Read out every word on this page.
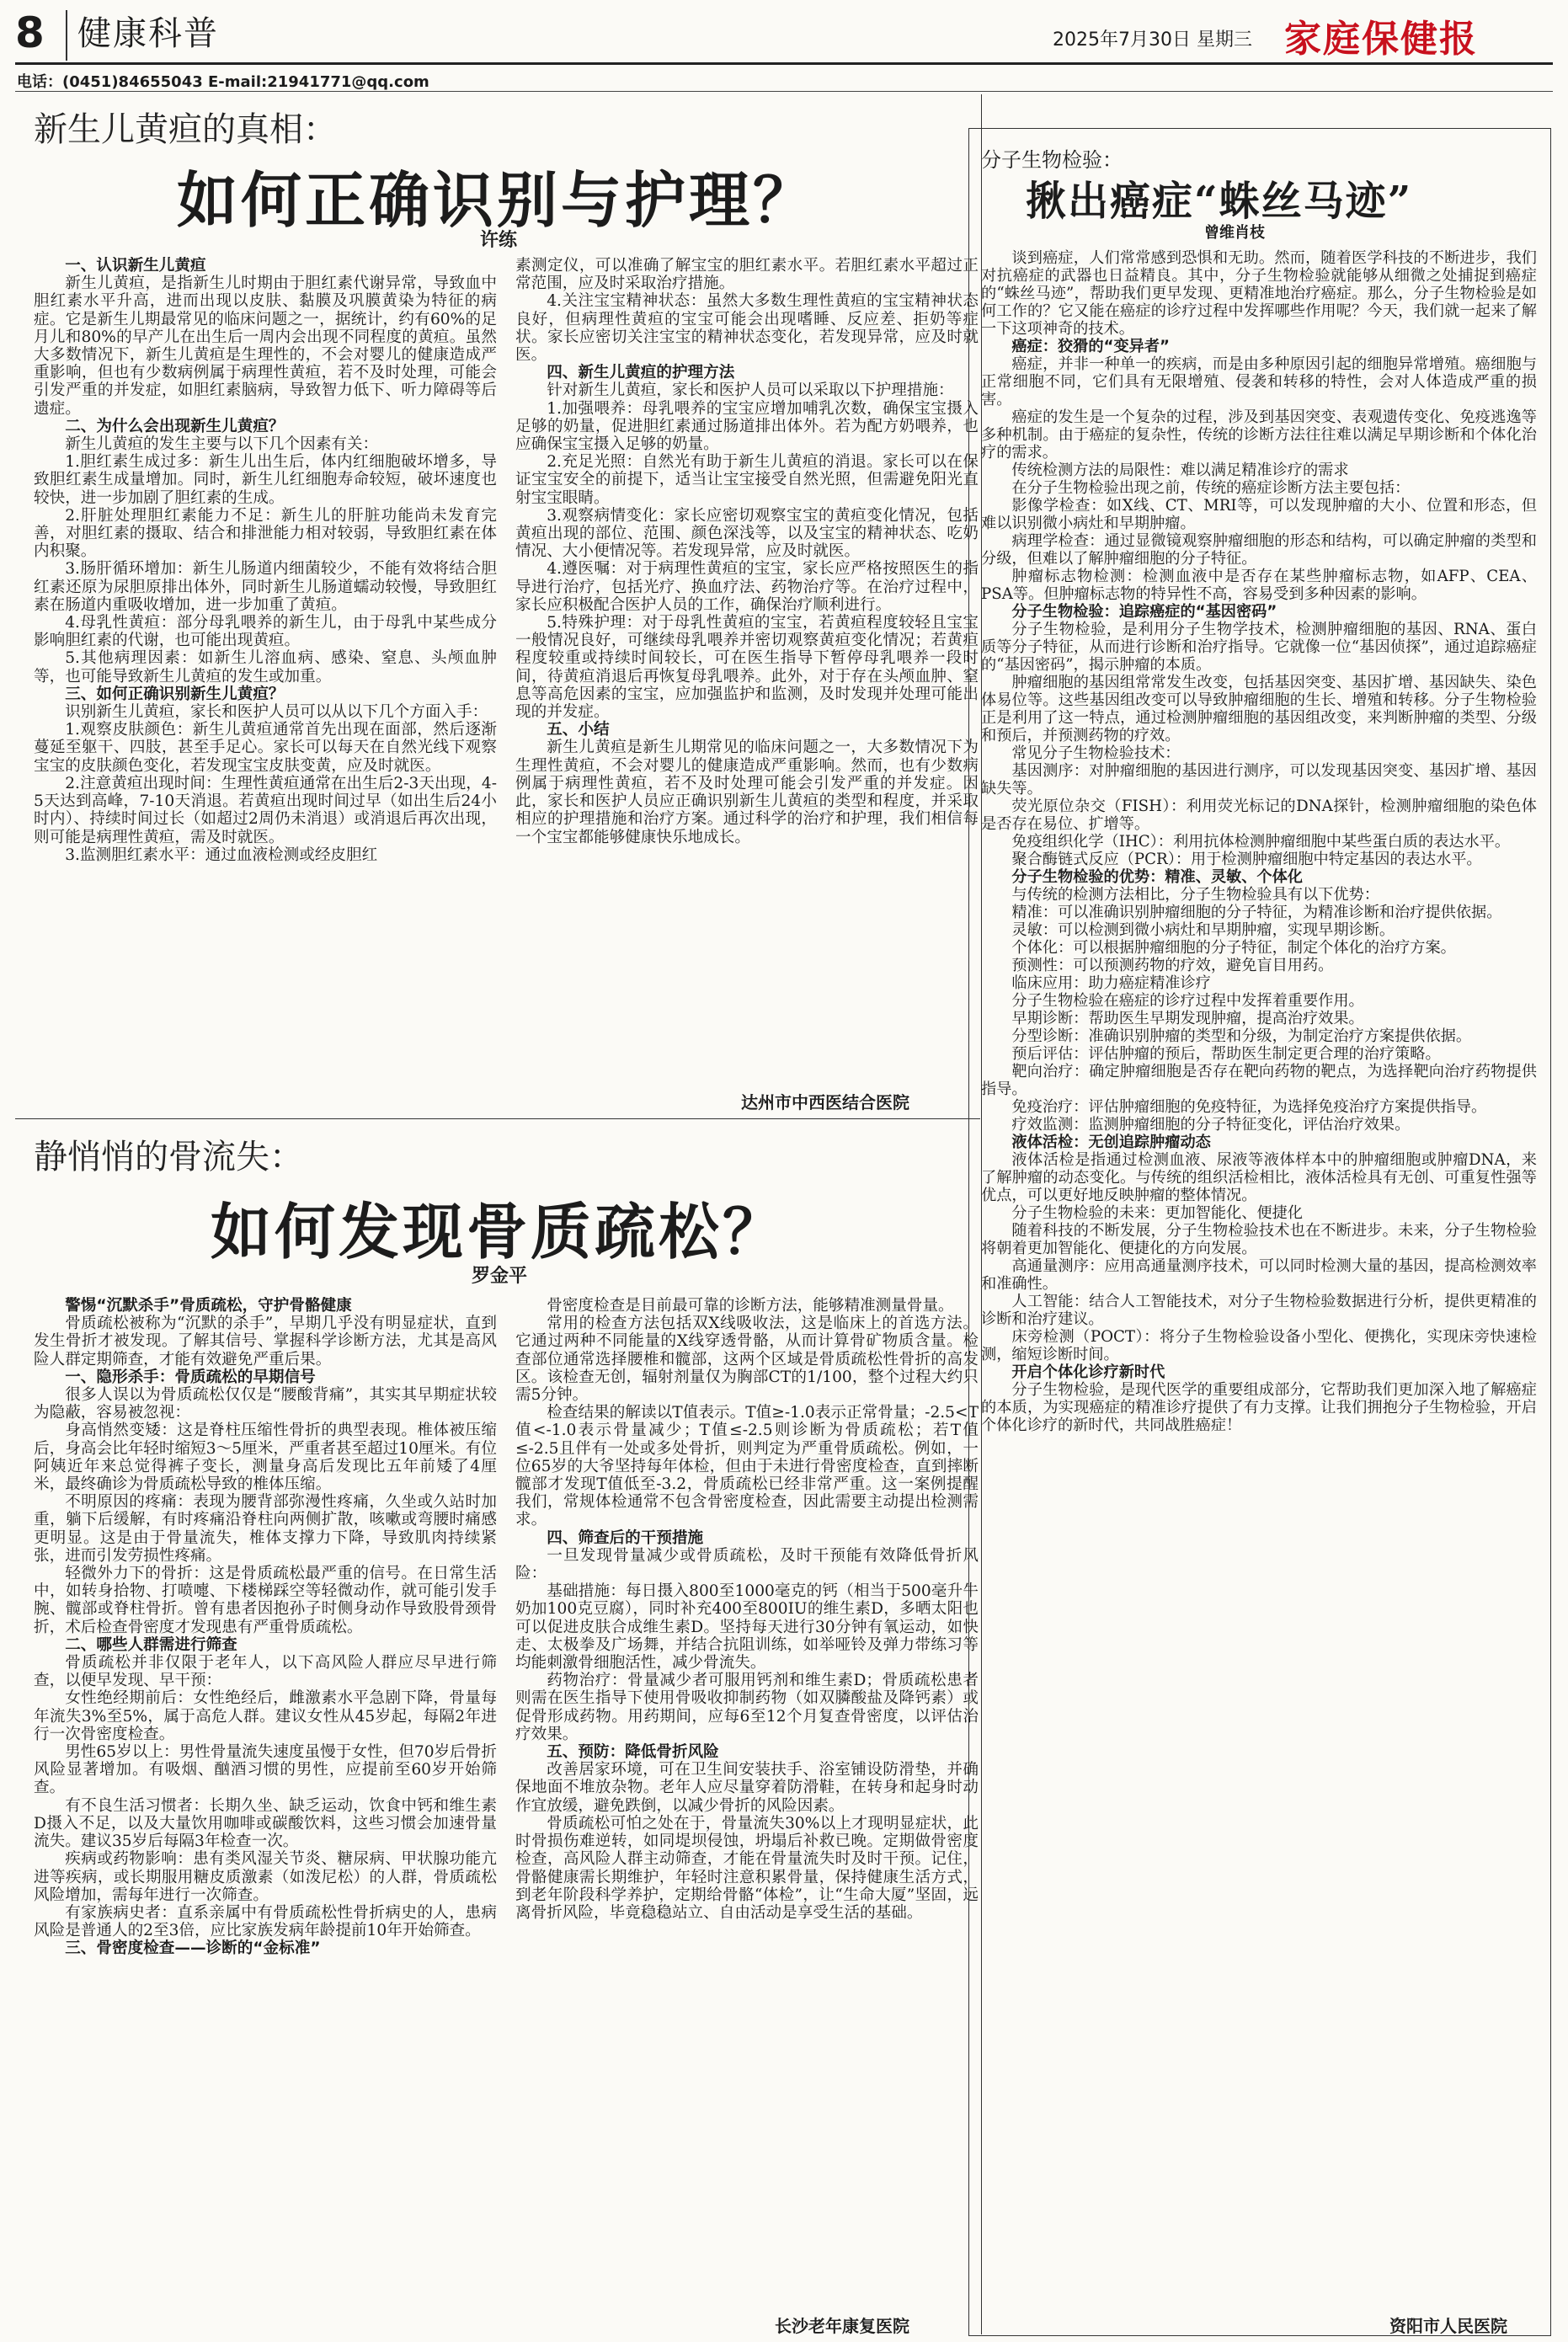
8 健康科普	2025年7月30日 星期三 家庭保健报
电话：(0451)84655043 E-mail:21941771@qq.com
新生儿黄疸的真相：
如何正确识别与护理？
许练

一、认识新生儿黄疸

新生儿黄疸，是指新生儿时期由于胆红素代谢异常，导致血中胆红素水平升高，进而出现以皮肤、黏膜及巩膜黄染为特征的病症。它是新生儿期最常见的临床问题之一，据统计，约有60%的足月儿和80%的早产儿在出生后一周内会出现不同程度的黄疸。虽然大多数情况下，新生儿黄疸是生理性的，不会对婴儿的健康造成严重影响，但也有少数病例属于病理性黄疸，若不及时处理，可能会引发严重的并发症，如胆红素脑病，导致智力低下、听力障碍等后遗症。

二、为什么会出现新生儿黄疸？

新生儿黄疸的发生主要与以下几个因素有关：

1.胆红素生成过多：新生儿出生后，体内红细胞破坏增多，导致胆红素生成量增加。同时，新生儿红细胞寿命较短，破坏速度也较快，进一步加剧了胆红素的生成。

2.肝脏处理胆红素能力不足：新生儿的肝脏功能尚未发育完善，对胆红素的摄取、结合和排泄能力相对较弱，导致胆红素在体内积聚。

3.肠肝循环增加：新生儿肠道内细菌较少，不能有效将结合胆红素还原为尿胆原排出体外，同时新生儿肠道蠕动较慢，导致胆红素在肠道内重吸收增加，进一步加重了黄疸。

4.母乳性黄疸：部分母乳喂养的新生儿，由于母乳中某些成分影响胆红素的代谢，也可能出现黄疸。

5.其他病理因素：如新生儿溶血病、感染、窒息、头颅血肿等，也可能导致新生儿黄疸的发生或加重。

三、如何正确识别新生儿黄疸？

识别新生儿黄疸，家长和医护人员可以从以下几个方面入手：

1.观察皮肤颜色：新生儿黄疸通常首先出现在面部，然后逐渐蔓延至躯干、四肢，甚至手足心。家长可以每天在自然光线下观察宝宝的皮肤颜色变化，若发现宝宝皮肤变黄，应及时就医。

2.注意黄疸出现时间：生理性黄疸通常在出生后2-3天出现，4-5天达到高峰，7-10天消退。若黄疸出现时间过早（如出生后24小时内）、持续时间过长（如超过2周仍未消退）或消退后再次出现，则可能是病理性黄疸，需及时就医。

3.监测胆红素水平：通过血液检测或经皮胆红

素测定仪，可以准确了解宝宝的胆红素水平。若胆红素水平超过正常范围，应及时采取治疗措施。

4.关注宝宝精神状态：虽然大多数生理性黄疸的宝宝精神状态良好，但病理性黄疸的宝宝可能会出现嗜睡、反应差、拒奶等症状。家长应密切关注宝宝的精神状态变化，若发现异常，应及时就医。

四、新生儿黄疸的护理方法

针对新生儿黄疸，家长和医护人员可以采取以下护理措施：

1.加强喂养：母乳喂养的宝宝应增加哺乳次数，确保宝宝摄入足够的奶量，促进胆红素通过肠道排出体外。若为配方奶喂养，也应确保宝宝摄入足够的奶量。

2.充足光照：自然光有助于新生儿黄疸的消退。家长可以在保证宝宝安全的前提下，适当让宝宝接受自然光照，但需避免阳光直射宝宝眼睛。

3.观察病情变化：家长应密切观察宝宝的黄疸变化情况，包括黄疸出现的部位、范围、颜色深浅等，以及宝宝的精神状态、吃奶情况、大小便情况等。若发现异常，应及时就医。

4.遵医嘱：对于病理性黄疸的宝宝，家长应严格按照医生的指导进行治疗，包括光疗、换血疗法、药物治疗等。在治疗过程中，家长应积极配合医护人员的工作，确保治疗顺利进行。

5.特殊护理：对于母乳性黄疸的宝宝，若黄疸程度较轻且宝宝一般情况良好，可继续母乳喂养并密切观察黄疸变化情况；若黄疸程度较重或持续时间较长，可在医生指导下暂停母乳喂养一段时间，待黄疸消退后再恢复母乳喂养。此外，对于存在头颅血肿、窒息等高危因素的宝宝，应加强监护和监测，及时发现并处理可能出现的并发症。

五、小结

新生儿黄疸是新生儿期常见的临床问题之一，大多数情况下为生理性黄疸，不会对婴儿的健康造成严重影响。然而，也有少数病例属于病理性黄疸，若不及时处理可能会引发严重的并发症。因此，家长和医护人员应正确识别新生儿黄疸的类型和程度，并采取相应的护理措施和治疗方案。通过科学的治疗和护理，我们相信每一个宝宝都能够健康快乐地成长。

达州市中西医结合医院
静悄悄的骨流失：
如何发现骨质疏松？
罗金平

警惕“沉默杀手”骨质疏松，守护骨骼健康

骨质疏松被称为“沉默的杀手”，早期几乎没有明显症状，直到发生骨折才被发现。了解其信号、掌握科学诊断方法，尤其是高风险人群定期筛查，才能有效避免严重后果。

一、隐形杀手：骨质疏松的早期信号

很多人误以为骨质疏松仅仅是“腰酸背痛”，其实其早期症状较为隐蔽，容易被忽视：

身高悄然变矮：这是脊柱压缩性骨折的典型表现。椎体被压缩后，身高会比年轻时缩短3～5厘米，严重者甚至超过10厘米。有位阿姨近年来总觉得裤子变长，测量身高后发现比五年前矮了4厘米，最终确诊为骨质疏松导致的椎体压缩。

不明原因的疼痛：表现为腰背部弥漫性疼痛，久坐或久站时加重，躺下后缓解，有时疼痛沿脊柱向两侧扩散，咳嗽或弯腰时痛感更明显。这是由于骨量流失，椎体支撑力下降，导致肌肉持续紧张，进而引发劳损性疼痛。

轻微外力下的骨折：这是骨质疏松最严重的信号。在日常生活中，如转身拾物、打喷嚏、下楼梯踩空等轻微动作，就可能引发手腕、髋部或脊柱骨折。曾有患者因抱孙子时侧身动作导致股骨颈骨折，术后检查骨密度才发现患有严重骨质疏松。

二、哪些人群需进行筛查

骨质疏松并非仅限于老年人，以下高风险人群应尽早进行筛查，以便早发现、早干预：

女性绝经期前后：女性绝经后，雌激素水平急剧下降，骨量每年流失3%至5%，属于高危人群。建议女性从45岁起，每隔2年进行一次骨密度检查。

男性65岁以上：男性骨量流失速度虽慢于女性，但70岁后骨折风险显著增加。有吸烟、酗酒习惯的男性，应提前至60岁开始筛查。

有不良生活习惯者：长期久坐、缺乏运动，饮食中钙和维生素D摄入不足，以及大量饮用咖啡或碳酸饮料，这些习惯会加速骨量流失。建议35岁后每隔3年检查一次。

疾病或药物影响：患有类风湿关节炎、糖尿病、甲状腺功能亢进等疾病，或长期服用糖皮质激素（如泼尼松）的人群，骨质疏松风险增加，需每年进行一次筛查。

有家族病史者：直系亲属中有骨质疏松性骨折病史的人，患病风险是普通人的2至3倍，应比家族发病年龄提前10年开始筛查。

三、骨密度检查——诊断的“金标准”

骨密度检查是目前最可靠的诊断方法，能够精准测量骨量。

常用的检查方法包括双X线吸收法，这是临床上的首选方法。它通过两种不同能量的X线穿透骨骼，从而计算骨矿物质含量。检查部位通常选择腰椎和髋部，这两个区域是骨质疏松性骨折的高发区。该检查无创，辐射剂量仅为胸部CT的1/100，整个过程大约只需5分钟。

检查结果的解读以T值表示。T值≥-1.0表示正常骨量；-2.5<T值<-1.0表示骨量减少；T值≤-2.5则诊断为骨质疏松；若T值≤-2.5且伴有一处或多处骨折，则判定为严重骨质疏松。例如，一位65岁的大爷坚持每年体检，但由于未进行骨密度检查，直到摔断髋部才发现T值低至-3.2，骨质疏松已经非常严重。这一案例提醒我们，常规体检通常不包含骨密度检查，因此需要主动提出检测需求。

四、筛查后的干预措施

一旦发现骨量减少或骨质疏松，及时干预能有效降低骨折风险：

基础措施：每日摄入800至1000毫克的钙（相当于500毫升牛奶加100克豆腐），同时补充400至800IU的维生素D，多晒太阳也可以促进皮肤合成维生素D。坚持每天进行30分钟有氧运动，如快走、太极拳及广场舞，并结合抗阻训练，如举哑铃及弹力带练习等均能刺激骨细胞活性，减少骨流失。

药物治疗：骨量减少者可服用钙剂和维生素D；骨质疏松患者则需在医生指导下使用骨吸收抑制药物（如双膦酸盐及降钙素）或促骨形成药物。用药期间，应每6至12个月复查骨密度，以评估治疗效果。

五、预防：降低骨折风险

改善居家环境，可在卫生间安装扶手、浴室铺设防滑垫，并确保地面不堆放杂物。老年人应尽量穿着防滑鞋，在转身和起身时动作宜放缓，避免跌倒，以减少骨折的风险因素。

骨质疏松可怕之处在于，骨量流失30%以上才现明显症状，此时骨损伤难逆转，如同堤坝侵蚀，坍塌后补救已晚。定期做骨密度检查，高风险人群主动筛查，才能在骨量流失时及时干预。记住，骨骼健康需长期维护，年轻时注意积累骨量，保持健康生活方式，到老年阶段科学养护，定期给骨骼“体检”，让“生命大厦”坚固，远离骨折风险，毕竟稳稳站立、自由活动是享受生活的基础。

长沙老年康复医院
分子生物检验：
揪出癌症“蛛丝马迹”
曾维肖枝

谈到癌症，人们常常感到恐惧和无助。然而，随着医学科技的不断进步，我们对抗癌症的武器也日益精良。其中，分子生物检验就能够从细微之处捕捉到癌症的“蛛丝马迹”，帮助我们更早发现、更精准地治疗癌症。那么，分子生物检验是如何工作的？它又能在癌症的诊疗过程中发挥哪些作用呢？今天，我们就一起来了解一下这项神奇的技术。

癌症：狡猾的“变异者”

癌症，并非一种单一的疾病，而是由多种原因引起的细胞异常增殖。癌细胞与正常细胞不同，它们具有无限增殖、侵袭和转移的特性，会对人体造成严重的损害。

癌症的发生是一个复杂的过程，涉及到基因突变、表观遗传变化、免疫逃逸等多种机制。由于癌症的复杂性，传统的诊断方法往往难以满足早期诊断和个体化治疗的需求。

传统检测方法的局限性：难以满足精准诊疗的需求

在分子生物检验出现之前，传统的癌症诊断方法主要包括：

影像学检查：如X线、CT、MRI等，可以发现肿瘤的大小、位置和形态，但难以识别微小病灶和早期肿瘤。

病理学检查：通过显微镜观察肿瘤细胞的形态和结构，可以确定肿瘤的类型和分级，但难以了解肿瘤细胞的分子特征。

肿瘤标志物检测：检测血液中是否存在某些肿瘤标志物，如AFP、CEA、PSA等。但肿瘤标志物的特异性不高，容易受到多种因素的影响。

分子生物检验：追踪癌症的“基因密码”

分子生物检验，是利用分子生物学技术，检测肿瘤细胞的基因、RNA、蛋白质等分子特征，从而进行诊断和治疗指导。它就像一位“基因侦探”，通过追踪癌症的“基因密码”，揭示肿瘤的本质。

肿瘤细胞的基因组常常发生改变，包括基因突变、基因扩增、基因缺失、染色体易位等。这些基因组改变可以导致肿瘤细胞的生长、增殖和转移。分子生物检验正是利用了这一特点，通过检测肿瘤细胞的基因组改变，来判断肿瘤的类型、分级和预后，并预测药物的疗效。

常见分子生物检验技术：

基因测序：对肿瘤细胞的基因进行测序，可以发现基因突变、基因扩增、基因缺失等。

荧光原位杂交（FISH）：利用荧光标记的DNA探针，检测肿瘤细胞的染色体是否存在易位、扩增等。

免疫组织化学（IHC）：利用抗体检测肿瘤细胞中某些蛋白质的表达水平。

聚合酶链式反应（PCR）：用于检测肿瘤细胞中特定基因的表达水平。

分子生物检验的优势：精准、灵敏、个体化

与传统的检测方法相比，分子生物检验具有以下优势：

精准：可以准确识别肿瘤细胞的分子特征，为精准诊断和治疗提供依据。

灵敏：可以检测到微小病灶和早期肿瘤，实现早期诊断。

个体化：可以根据肿瘤细胞的分子特征，制定个体化的治疗方案。

预测性：可以预测药物的疗效，避免盲目用药。

临床应用：助力癌症精准诊疗

分子生物检验在癌症的诊疗过程中发挥着重要作用。

早期诊断：帮助医生早期发现肿瘤，提高治疗效果。

分型诊断：准确识别肿瘤的类型和分级，为制定治疗方案提供依据。

预后评估：评估肿瘤的预后，帮助医生制定更合理的治疗策略。

靶向治疗：确定肿瘤细胞是否存在靶向药物的靶点，为选择靶向治疗药物提供指导。

免疫治疗：评估肿瘤细胞的免疫特征，为选择免疫治疗方案提供指导。

疗效监测：监测肿瘤细胞的分子特征变化，评估治疗效果。

液体活检：无创追踪肿瘤动态

液体活检是指通过检测血液、尿液等液体样本中的肿瘤细胞或肿瘤DNA，来了解肿瘤的动态变化。与传统的组织活检相比，液体活检具有无创、可重复性强等优点，可以更好地反映肿瘤的整体情况。

分子生物检验的未来：更加智能化、便捷化

随着科技的不断发展，分子生物检验技术也在不断进步。未来，分子生物检验将朝着更加智能化、便捷化的方向发展。

高通量测序：应用高通量测序技术，可以同时检测大量的基因，提高检测效率和准确性。

人工智能：结合人工智能技术，对分子生物检验数据进行分析，提供更精准的诊断和治疗建议。

床旁检测（POCT）：将分子生物检验设备小型化、便携化，实现床旁快速检测，缩短诊断时间。

开启个体化诊疗新时代

分子生物检验，是现代医学的重要组成部分，它帮助我们更加深入地了解癌症的本质，为实现癌症的精准诊疗提供了有力支撑。让我们拥抱分子生物检验，开启个体化诊疗的新时代，共同战胜癌症！

资阳市人民医院
